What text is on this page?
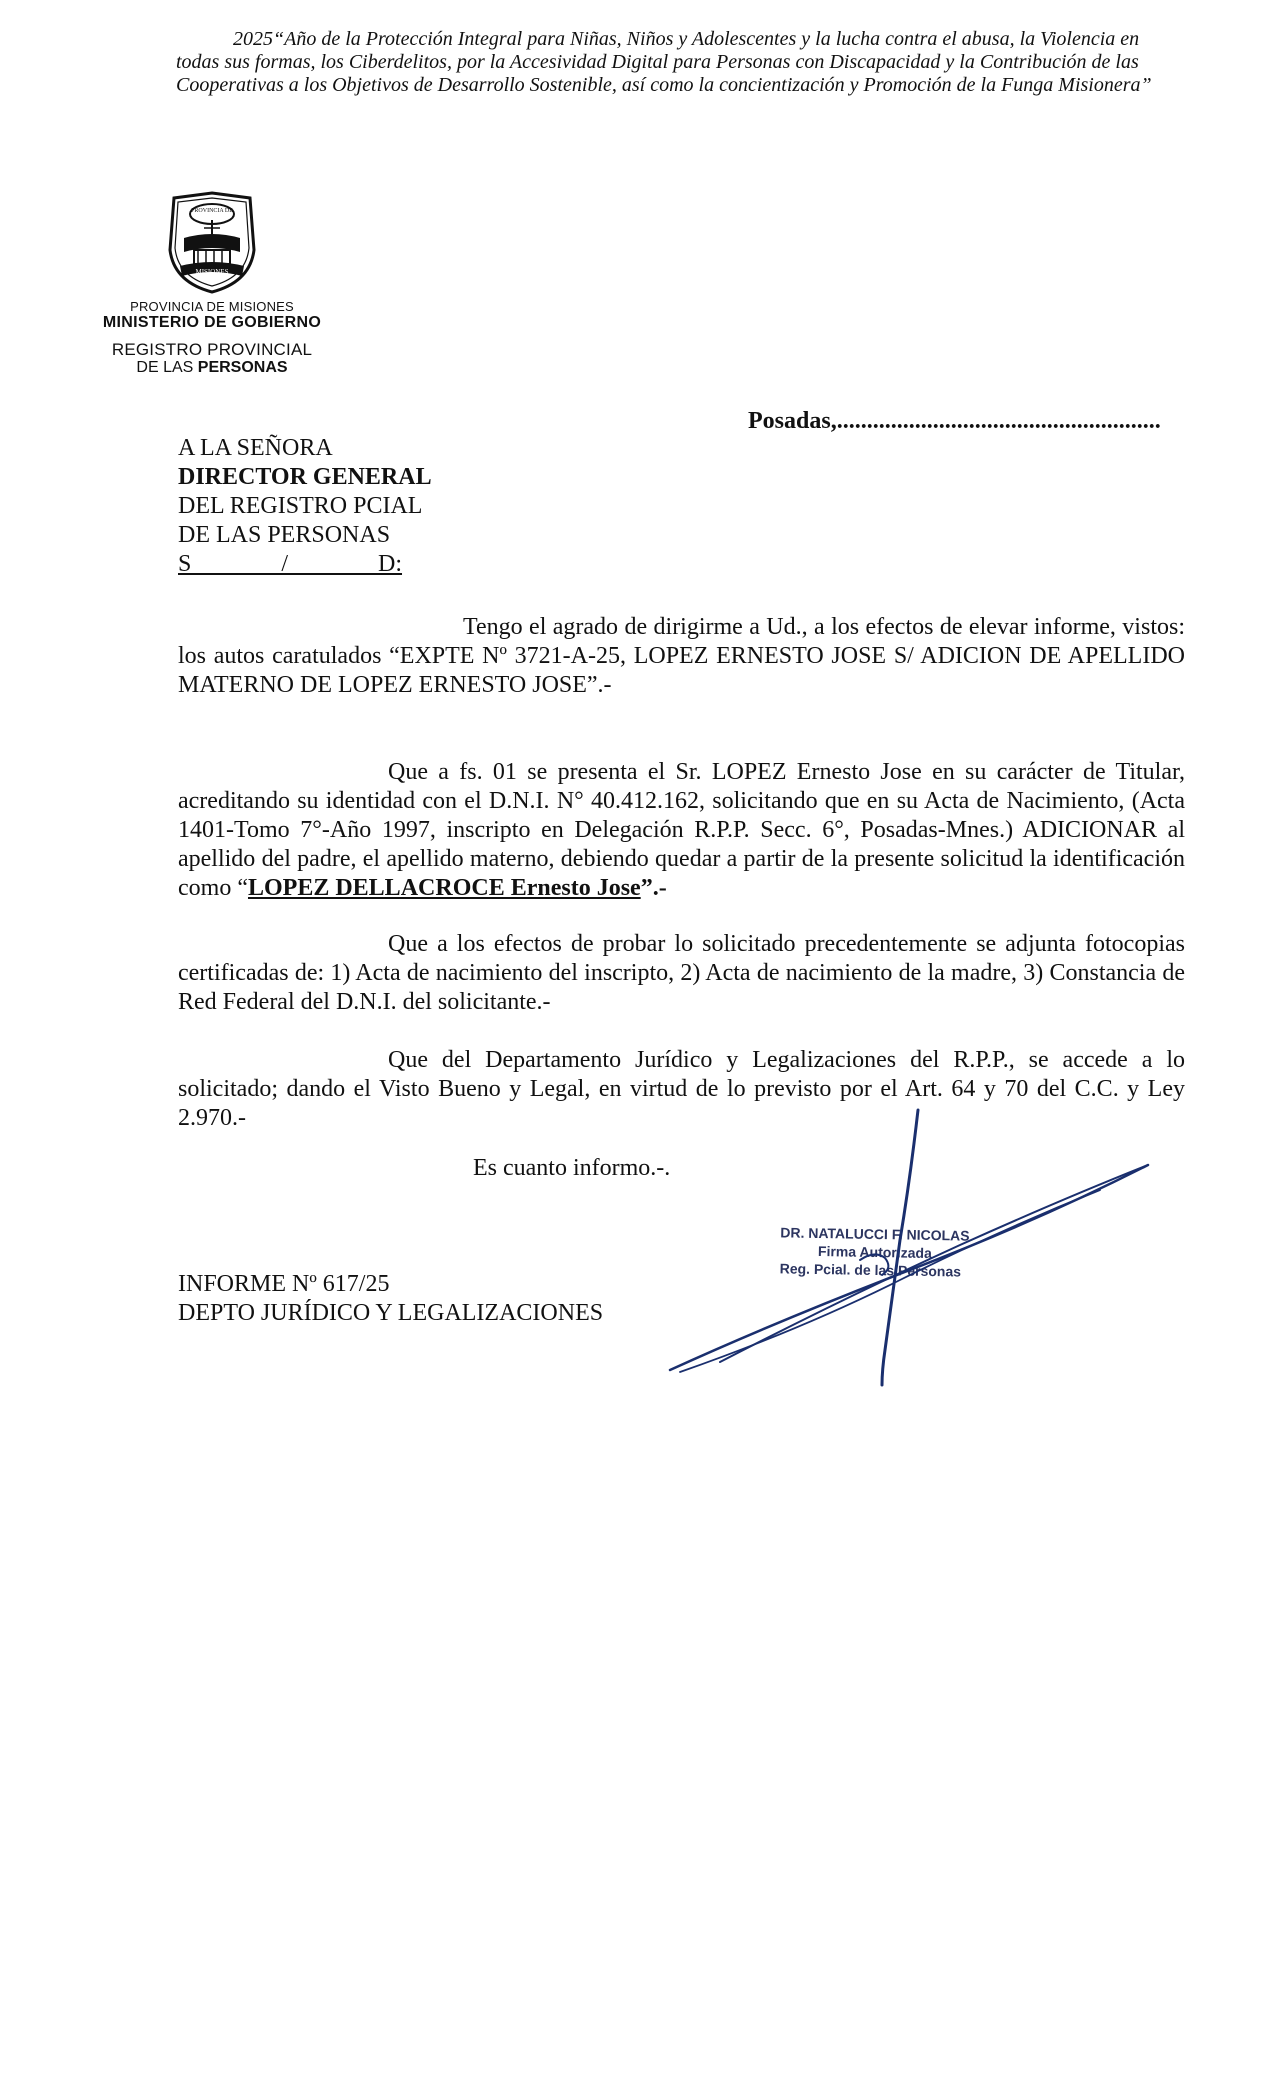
2025“Año de la Protección Integral para Niñas, Niños y Adolescentes y la lucha contra el abusa, la Violencia en todas sus formas, los Ciberdelitos, por la Accesividad Digital para Personas con Discapacidad y la Contribución de las Cooperativas a los Objetivos de Desarrollo Sostenible, así como la concientización y Promoción de la Funga Misionera”
PROVINCIA DE
MISIONES
PROVINCIA DE MISIONES
MINISTERIO DE GOBIERNO
REGISTRO PROVINCIAL
DE LAS PERSONAS
Posadas,......................................................
A LA SEÑORA
DIRECTOR GENERAL
DEL REGISTRO PCIAL
DE LAS PERSONAS
S               /               D:
Tengo el agrado de dirigirme a Ud., a los efectos de elevar informe, vistos: los autos caratulados “EXPTE Nº 3721-A-25, LOPEZ ERNESTO JOSE S/ ADICION DE APELLIDO MATERNO DE LOPEZ ERNESTO JOSE”.-
Que a fs. 01 se presenta el Sr. LOPEZ Ernesto Jose en su carácter de Titular, acreditando su identidad con el D.N.I. N° 40.412.162, solicitando que en su Acta de Nacimiento, (Acta 1401-Tomo 7°-Año 1997, inscripto en Delegación R.P.P. Secc. 6°, Posadas-Mnes.) ADICIONAR al apellido del padre, el apellido materno, debiendo quedar a partir de la presente solicitud la identificación como “LOPEZ DELLACROCE Ernesto Jose”.-
Que a los efectos de probar lo solicitado precedentemente se adjunta fotocopias certificadas de: 1) Acta de nacimiento del inscripto, 2) Acta de nacimiento de la madre, 3) Constancia de Red Federal del D.N.I. del solicitante.-
Que del Departamento Jurídico y Legalizaciones del R.P.P., se accede a lo solicitado; dando el Visto Bueno y Legal, en virtud de lo previsto por el Art. 64 y 70 del C.C. y Ley 2.970.-
Es cuanto informo.-.
INFORME Nº 617/25
DEPTO JURÍDICO Y LEGALIZACIONES
DR. NATALUCCI F. NICOLAS
Firma Autorizada
Reg. Pcial. de las Personas
